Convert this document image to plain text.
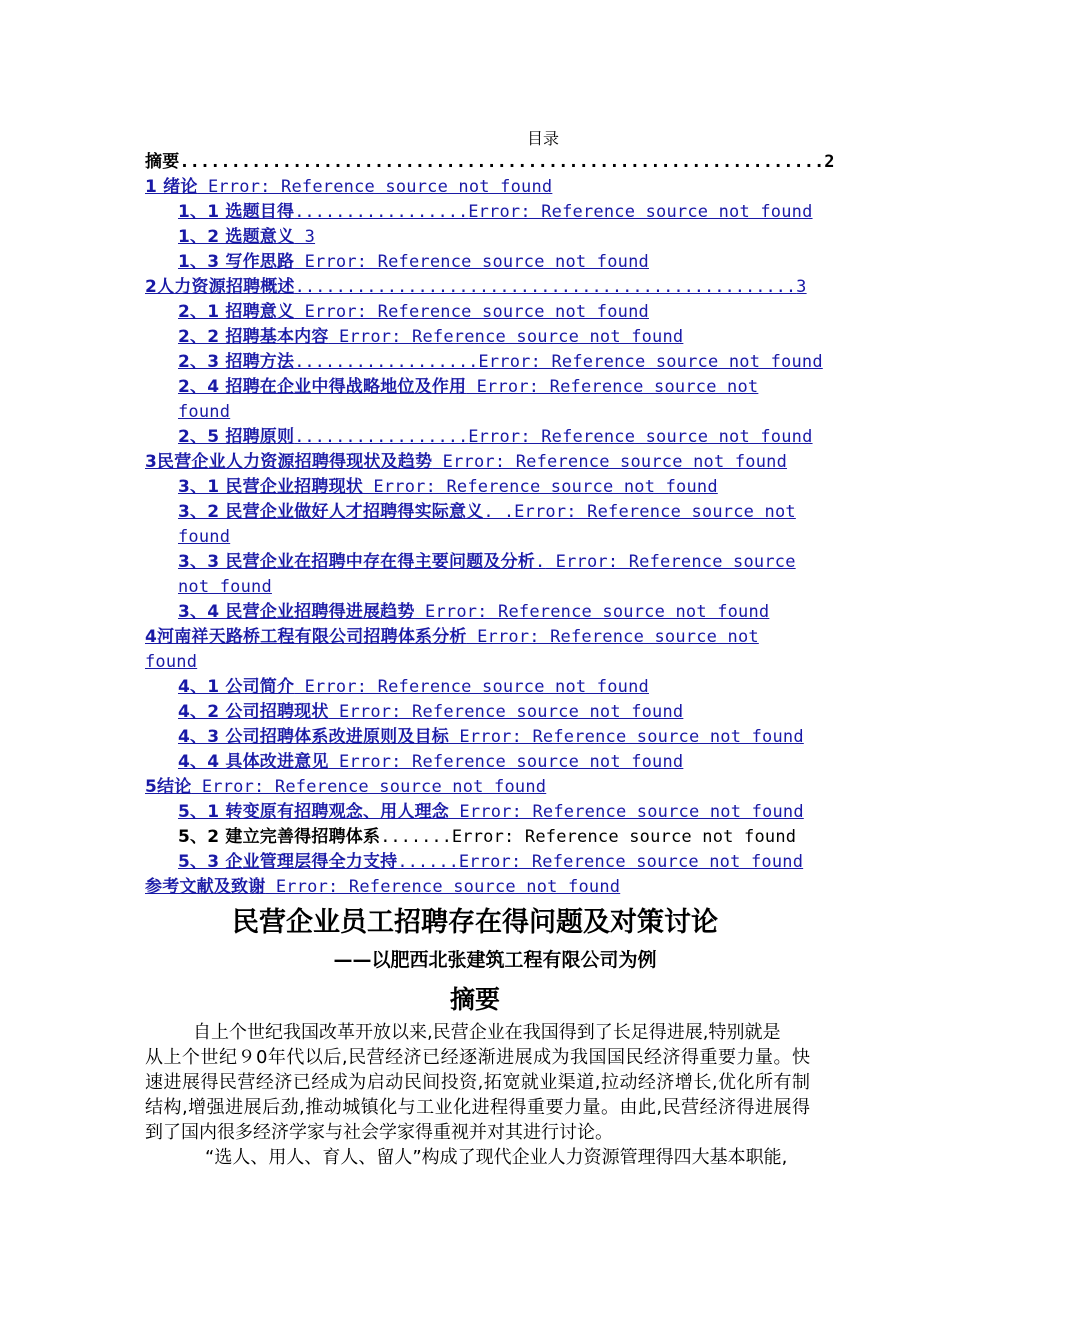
目录
摘要...............................................................2
1 绪论 Error: Reference source not found
1、1 选题目得.................Error: Reference source not found
1、2 选题意义 3
1、3 写作思路 Error: Reference source not found
2人力资源招聘概述.................................................3
2、1 招聘意义 Error: Reference source not found
2、2 招聘基本内容 Error: Reference source not found
2、3 招聘方法..................Error: Reference source not found
2、4 招聘在企业中得战略地位及作用 Error: Reference source not found
2、5 招聘原则.................Error: Reference source not found
3民营企业人力资源招聘得现状及趋势 Error: Reference source not found
3、1 民营企业招聘现状 Error: Reference source not found
3、2 民营企业做好人才招聘得实际意义. .Error: Reference source not found
3、3 民营企业在招聘中存在得主要问题及分析. Error: Reference source not found
3、4 民营企业招聘得进展趋势 Error: Reference source not found
4河南祥天路桥工程有限公司招聘体系分析 Error: Reference source not found
4、1 公司简介 Error: Reference source not found
4、2 公司招聘现状 Error: Reference source not found
4、3 公司招聘体系改进原则及目标 Error: Reference source not found
4、4 具体改进意见 Error: Reference source not found
5结论 Error: Reference source not found
5、1 转变原有招聘观念、用人理念 Error: Reference source not found
5、2 建立完善得招聘体系.......Error: Reference source not found
5、3 企业管理层得全力支持......Error: Reference source not found
参考文献及致谢 Error: Reference source not found
民营企业员工招聘存在得问题及对策讨论
——以肥西北张建筑工程有限公司为例
摘要

自上个世纪我国改革开放以来,民营企业在我国得到了长足得进展,特别就是

从上个世纪９0年代以后,民营经济已经逐渐进展成为我国国民经济得重要力量。快速进展得民营经济已经成为启动民间投资,拓宽就业渠道,拉动经济增长,优化所有制结构,增强进展后劲,推动城镇化与工业化进程得重要力量。由此,民营经济得进展得到了国内很多经济学家与社会学家得重视并对其进行讨论。

“选人、用人、育人、留人”构成了现代企业人力资源管理得四大基本职能,
